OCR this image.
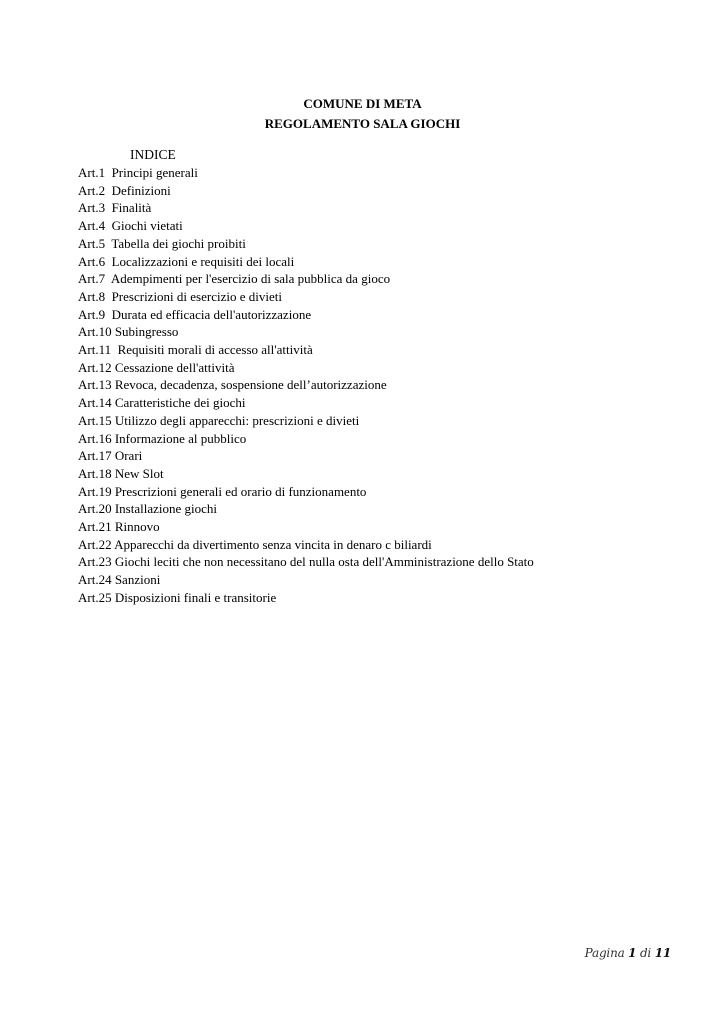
COMUNE DI META
REGOLAMENTO SALA GIOCHI
INDICE
Art.1  Principi generali
Art.2  Definizioni
Art.3  Finalità
Art.4  Giochi vietati
Art.5  Tabella dei giochi proibiti
Art.6  Localizzazioni e requisiti dei locali
Art.7  Adempimenti per l'esercizio di sala pubblica da gioco
Art.8  Prescrizioni di esercizio e divieti
Art.9  Durata ed efficacia dell'autorizzazione
Art.10 Subingresso
Art.11  Requisiti morali di accesso all'attività
Art.12 Cessazione dell'attività
Art.13 Revoca, decadenza, sospensione dell’autorizzazione
Art.14 Caratteristiche dei giochi
Art.15 Utilizzo degli apparecchi: prescrizioni e divieti
Art.16 Informazione al pubblico
Art.17 Orari
Art.18 New Slot
Art.19 Prescrizioni generali ed orario di funzionamento
Art.20 Installazione giochi
Art.21 Rinnovo
Art.22 Apparecchi da divertimento senza vincita in denaro c biliardi
Art.23 Giochi leciti che non necessitano del nulla osta dell'Amministrazione dello Stato
Art.24 Sanzioni
Art.25 Disposizioni finali e transitorie
Pagina 1 di 11
